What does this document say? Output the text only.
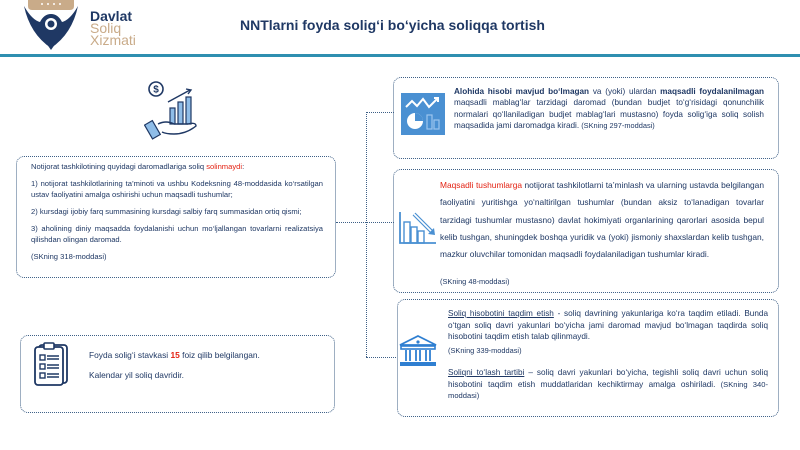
Davlat
Soliq
Xizmati
NNTlarni foyda solig‘i bo‘yicha soliqqa tortish
$
Notijorat tashkilotining quyidagi daromadlariga soliq solinmaydi:
1) notijorat tashkilotlarining ta’minoti va ushbu Kodeksning 48-moddasida ko‘rsatilgan ustav faoliyatini amalga oshirishi uchun maqsadli tushumlar;
2) kursdagi ijobiy farq summasining kursdagi salbiy farq summasidan ortiq qismi;
3) aholining diniy maqsadda foydalanishi uchun mo‘ljallangan tovarlarni realizatsiya qilishdan olingan daromad.
(SKning 318-moddasi)
Foyda solig‘i stavkasi 15 foiz qilib belgilangan.
Kalendar yil soliq davridir.
Alohida hisobi mavjud bo‘lmagan va (yoki) ulardan maqsadli foydalanilmagan maqsadli mablag‘lar tarzidagi daromad (bundan budjet to‘g‘risidagi qonunchilik normalari qo‘llaniladigan budjet mablag‘lari mustasno) foyda solig‘iga soliq solish maqsadida jami daromadga kiradi. (SKning 297-moddasi)
Maqsadli tushumlarga notijorat tashkilotlarni ta’minlash va ularning ustavda belgilangan faoliyatini yuritishga yo‘naltirilgan tushumlar (bundan aksiz to‘lanadigan tovarlar tarzidagi tushumlar mustasno) davlat hokimiyati organlarining qarorlari asosida bepul kelib tushgan, shuningdek boshqa yuridik va (yoki) jismoniy shaxslardan kelib tushgan, mazkur oluvchilar tomonidan maqsadli foydalaniladigan tushumlar kiradi.
(SKning 48-moddasi)
Soliq hisobotini taqdim etish - soliq davrining yakunlariga ko‘ra taqdim etiladi. Bunda o‘tgan soliq davri yakunlari bo‘yicha jami daromad mavjud bo‘lmagan taqdirda soliq hisobotini taqdim etish talab qilinmaydi.
(SKning 339-moddasi)
Soliqni to‘lash tartibi – soliq davri yakunlari bo‘yicha, tegishli soliq davri uchun soliq hisobotini taqdim etish muddatlaridan kechiktirmay amalga oshiriladi. (SKning 340-moddasi)
